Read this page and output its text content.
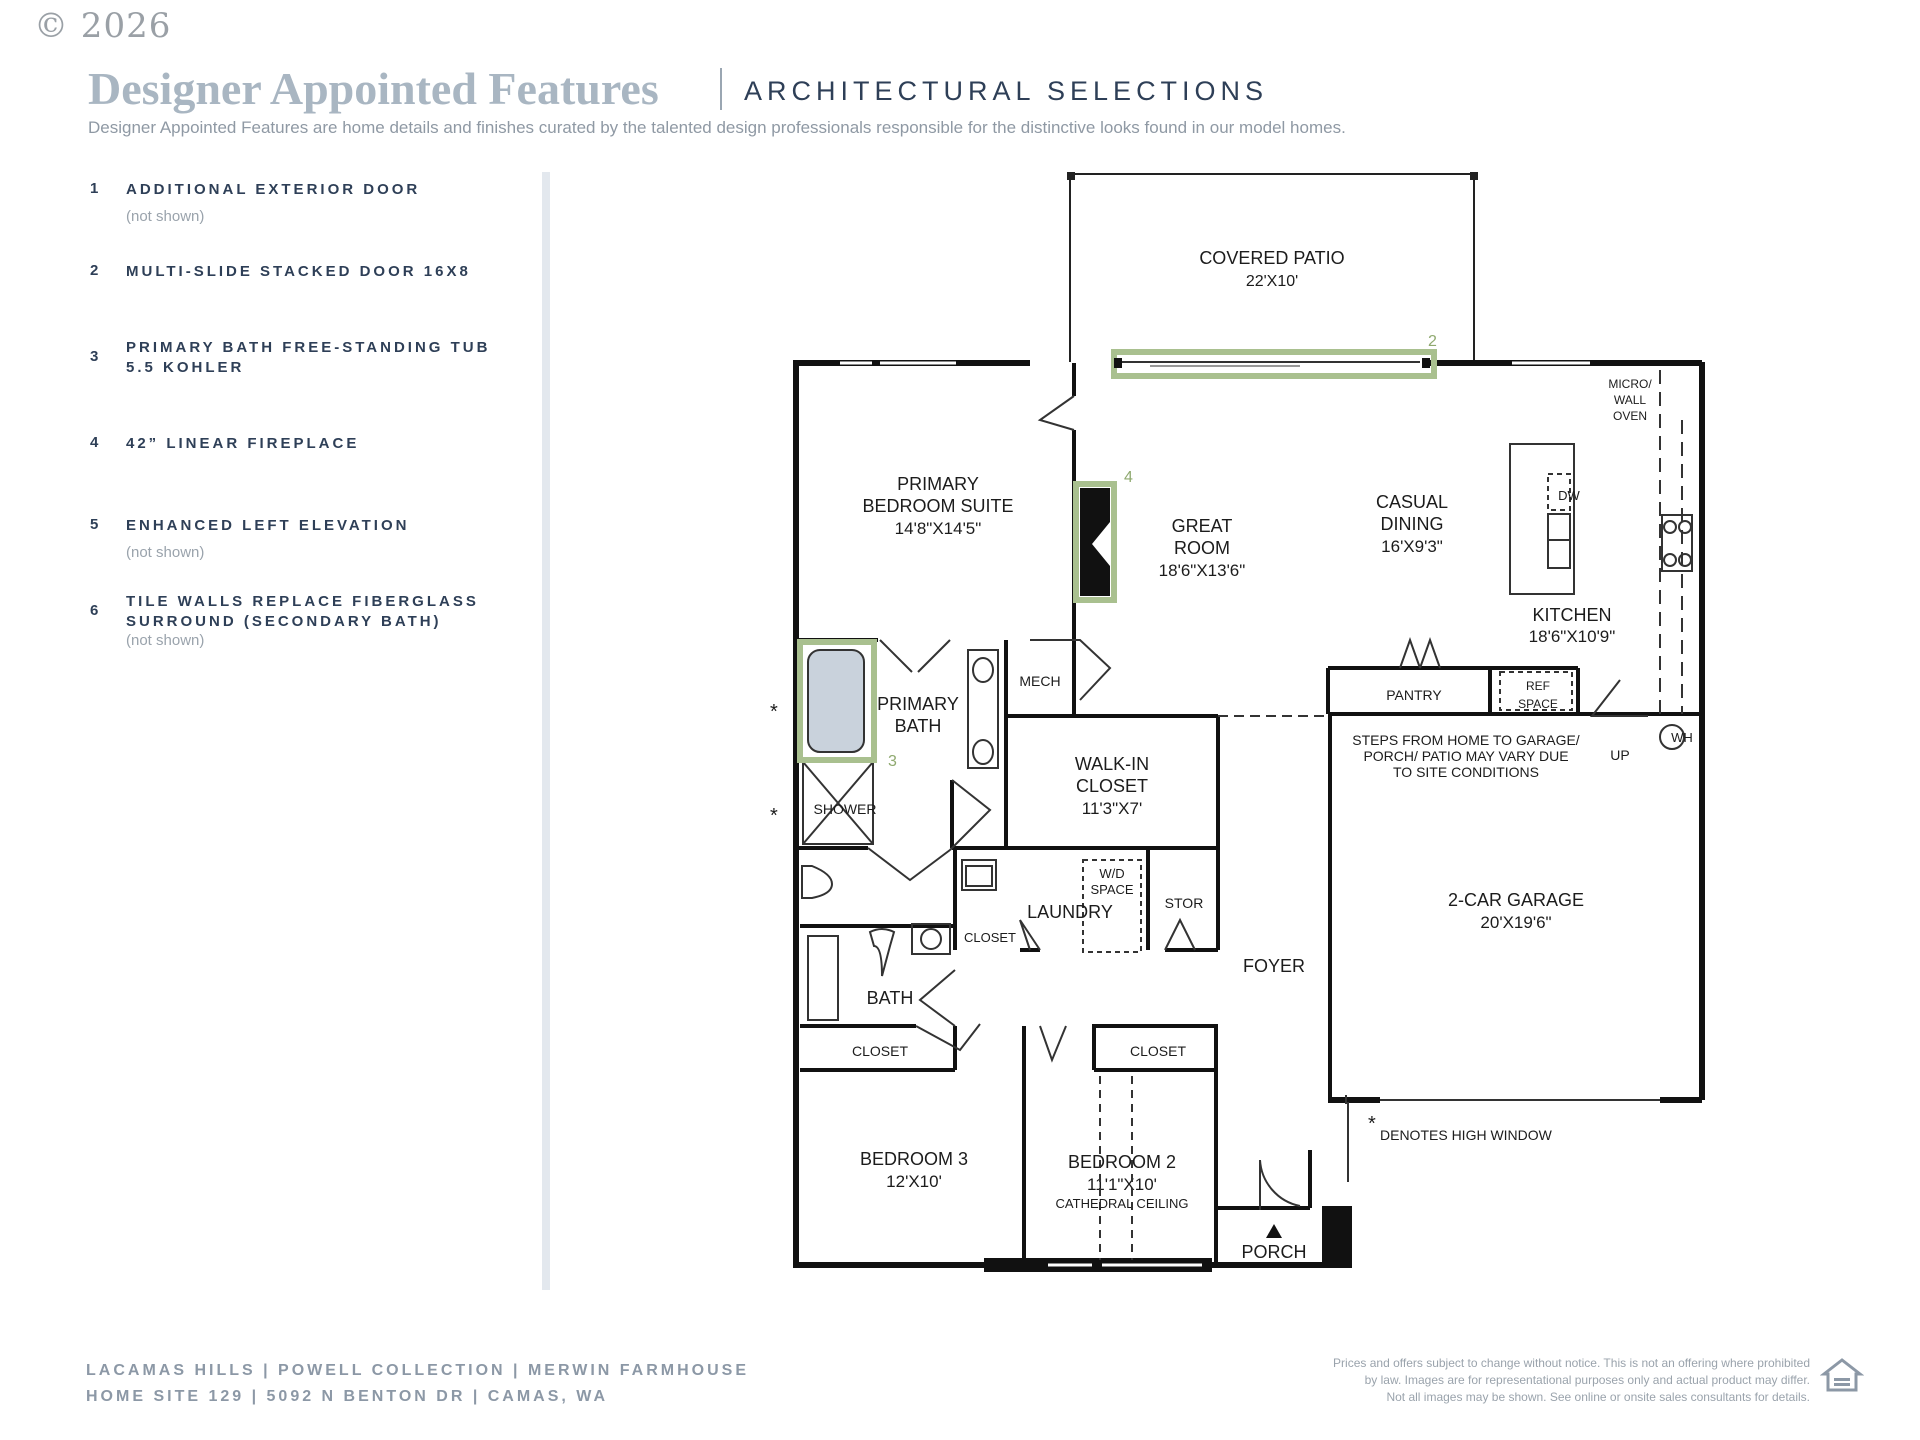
© 2026
Designer Appointed Features	ARCHITECTURAL SELECTIONS
Designer Appointed Features are home details and finishes curated by the talented design professionals responsible for the distinctive looks found in our model homes.
1 ADDITIONAL EXTERIOR DOOR
(not shown)
2 MULTI-SLIDE STACKED DOOR 16X8
3
PRIMARY BATH FREE-STANDING TUB
5.5 KOHLER
4 42” LINEAR FIREPLACE
5 ENHANCED LEFT ELEVATION
(not shown)
6
TILE WALLS REPLACE FIBERGLASS
SURROUND (SECONDARY BATH)
(not shown)
COVERED PATIO
22'X10'
MICRO/
WALL
OVEN
PRIMARY
BEDROOM SUITE
14'8"X14'5"	GREAT
ROOM
18'6"X13'6"
CASUAL
DINING
16'X9'3"
DW
KITCHEN
18'6"X10'9"
PANTRY
REF
SPACE
MECH
PRIMARY
BATH
SHOWER
WALK-IN
CLOSET
11'3"X7'
STEPS FROM HOME TO GARAGE/
PORCH/ PATIO MAY VARY DUE
TO SITE CONDITIONS
UP
WH
W/D
SPACE
LAUNDRY	STOR
CLOSET
2-CAR GARAGE
20'X19'6"
FOYER
BATH
CLOSET	CLOSET
BEDROOM 3
12'X10'
BEDROOM 2
11'1"X10'
CATHEDRAL CEILING
PORCH
* DENOTES HIGH WINDOW
*
*
2
3
4
LACAMAS HILLS | POWELL COLLECTION | MERWIN FARMHOUSE
HOME SITE 129 | 5092 N BENTON DR | CAMAS, WA
Prices and offers subject to change without notice. This is not an offering where prohibited
by law. Images are for representational purposes only and actual product may differ.
Not all images may be shown. See online or onsite sales consultants for details.
